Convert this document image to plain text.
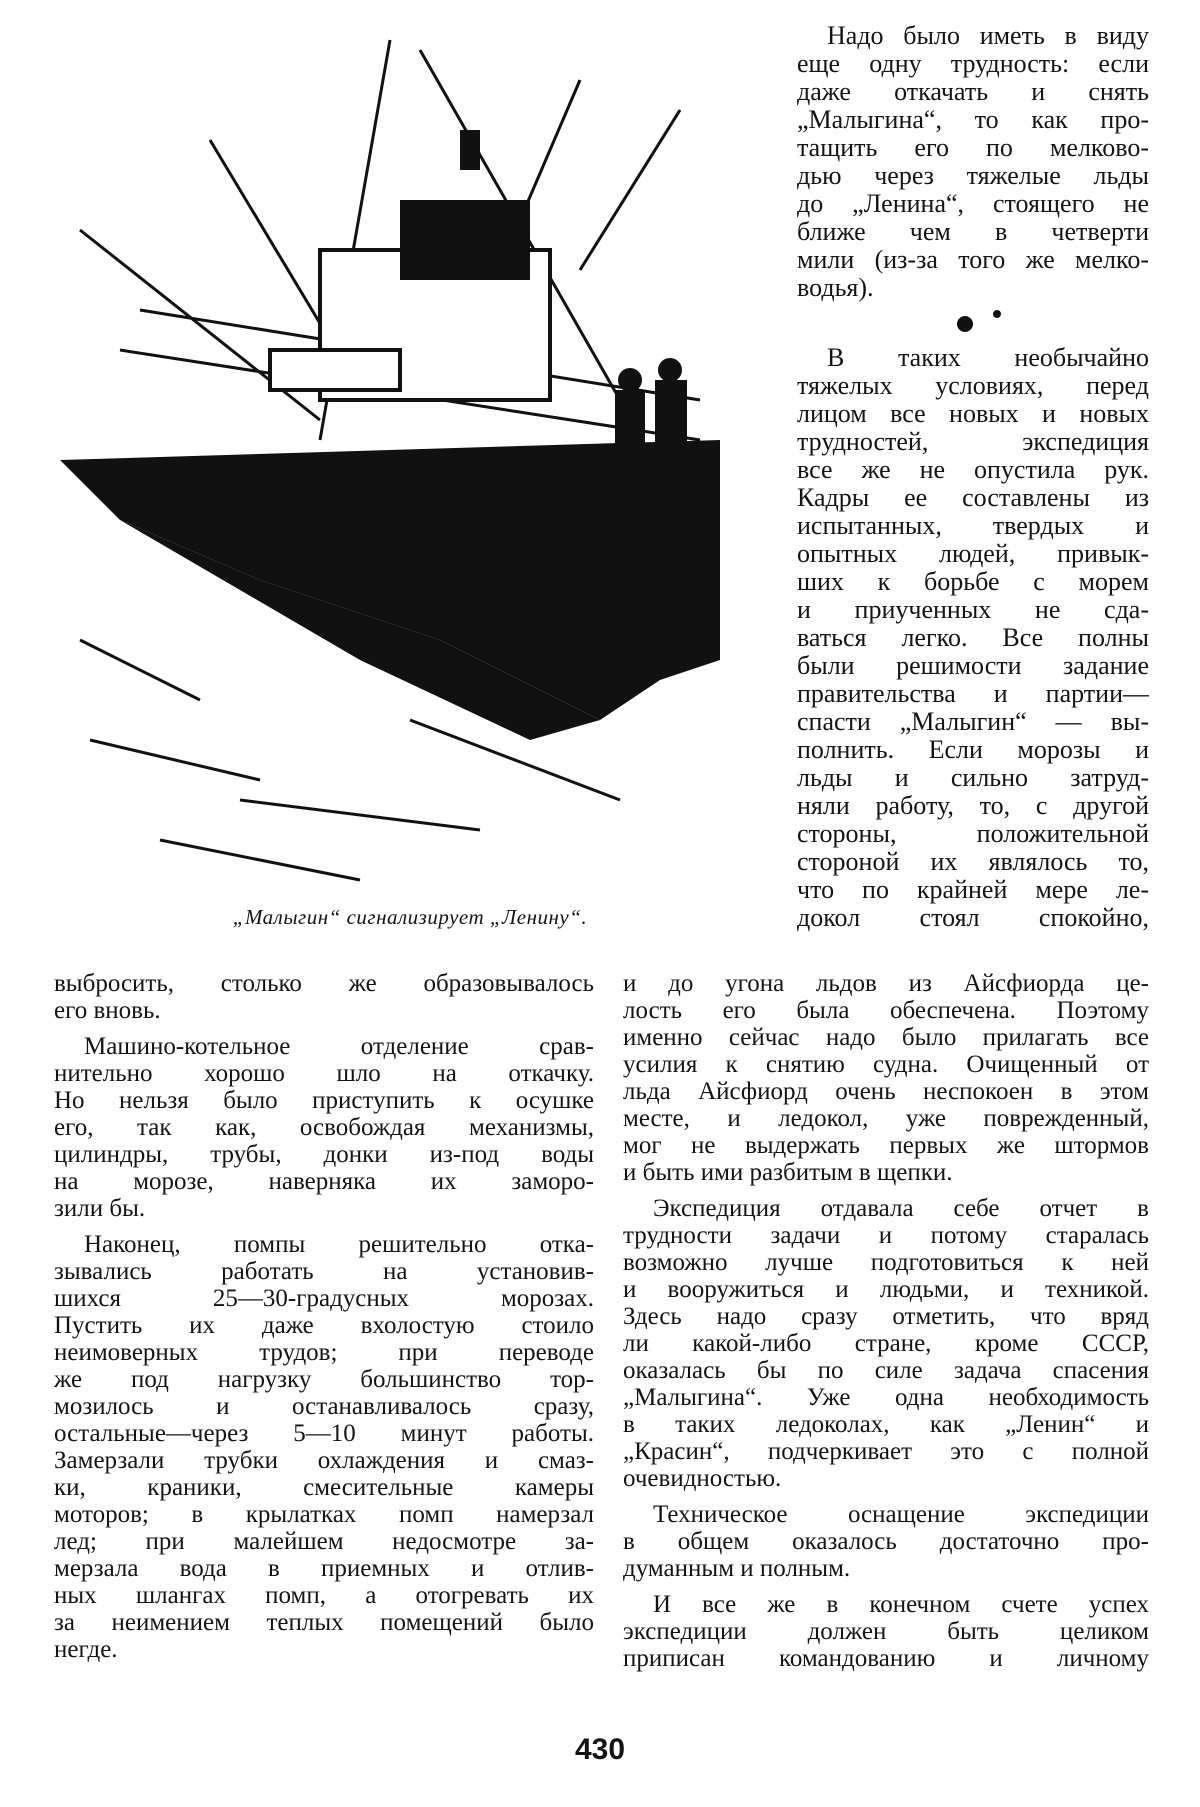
„Малыгин“ сигнализирует „Ленину“.
Надо было иметь в виду
еще одну трудность: если
даже откачать и снять
„Малыгина“, то как про-
тащить его по мелково-
дью через тяжелые льды
до „Ленина“, стоящего не
ближе чем в четверти
мили (из-за того же мелко-
водья).
В таких необычайно
тяжелых условиях, перед
лицом все новых и новых
трудностей, экспедиция
все же не опустила рук.
Кадры ее составлены из
испытанных, твердых и
опытных людей, привык-
ших к борьбе с морем
и приученных не сда-
ваться легко. Все полны
были решимости задание
правительства и партии—
спасти „Малыгин“ — вы-
полнить. Если морозы и
льды и сильно затруд-
няли работу, то, с другой
стороны, положительной
стороной их являлось то,
что по крайней мере ле-
докол стоял спокойно,
выбросить, столько же образовывалось
его вновь.
Машино-котельное отделение срав-
нительно хорошо шло на откачку.
Но нельзя было приступить к осушке
его, так как, освобождая механизмы,
цилиндры, трубы, донки из-под воды
на морозе, наверняка их заморо-
зили бы.
Наконец, помпы решительно отка-
зывались работать на установив-
шихся 25—30-градусных морозах.
Пустить их даже вхолостую стоило
неимоверных трудов; при переводе
же под нагрузку большинство тор-
мозилось и останавливалось сразу,
остальные—через 5—10 минут работы.
Замерзали трубки охлаждения и смаз-
ки, краники, смесительные камеры
моторов; в крылатках помп намерзал
лед; при малейшем недосмотре за-
мерзала вода в приемных и отлив-
ных шлангах помп, а отогревать их
за неимением теплых помещений было
негде.
и до угона льдов из Айсфиорда це-
лость его была обеспечена. Поэтому
именно сейчас надо было прилагать все
усилия к снятию судна. Очищенный от
льда Айсфиорд очень неспокоен в этом
месте, и ледокол, уже поврежденный,
мог не выдержать первых же штормов
и быть ими разбитым в щепки.
Экспедиция отдавала себе отчет в
трудности задачи и потому старалась
возможно лучше подготовиться к ней
и вооружиться и людьми, и техникой.
Здесь надо сразу отметить, что вряд
ли какой-либо стране, кроме СССР,
оказалась бы по силе задача спасения
„Малыгина“. Уже одна необходимость
в таких ледоколах, как „Ленин“ и
„Красин“, подчеркивает это с полной
очевидностью.
Техническое оснащение экспедиции
в общем оказалось достаточно про-
думанным и полным.
И все же в конечном счете успех
экспедиции должен быть целиком
приписан командованию и личному
430
